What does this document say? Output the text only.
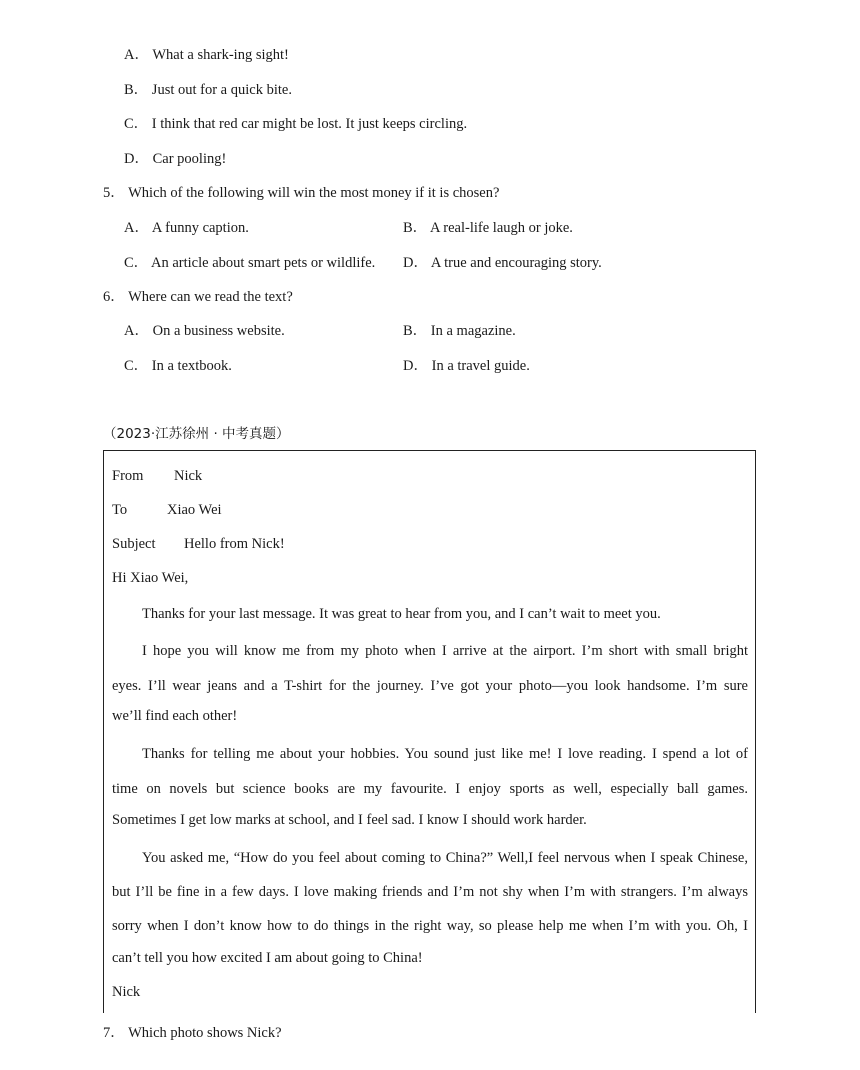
A． What a shark-ing sight!
B． Just out for a quick bite.
C． I think that red car might be lost. It just keeps circling.
D． Car pooling!
5． Which of the following will win the most money if it is chosen?
A． A funny caption.	B． A real-life laugh or joke.
C． An article about smart pets or wildlife. D． A true and encouraging story.
6． Where can we read the text?
A． On a business website.	B． In a magazine.
C． In a textbook.	D． In a travel guide.
（2023·江苏徐州 · 中考真题）
From Nick
To	Xiao Wei
Subject Hello from Nick!
Hi Xiao Wei,
Thanks for your last message. It was great to hear from you, and I can’t wait to meet you.
I hope you will know me from my photo when I arrive at the airport. I’m short with small bright
eyes. I’ll wear jeans and a T-shirt for the journey. I’ve got your photo—you look handsome. I’m sure
we’ll find each other!
Thanks for telling me about your hobbies. You sound just like me! I love reading. I spend a lot of
time on novels but science books are my favourite. I enjoy sports as well, especially ball games.
Sometimes I get low marks at school, and I feel sad. I know I should work harder.
You asked me, “How do you feel about coming to China?” Well,I feel nervous when I speak Chinese,
but I’ll be fine in a few days. I love making friends and I’m not shy when I’m with strangers. I’m always
sorry when I don’t know how to do things in the right way, so please help me when I’m with you. Oh, I
can’t tell you how excited I am about going to China!
Nick
7． Which photo shows Nick?
